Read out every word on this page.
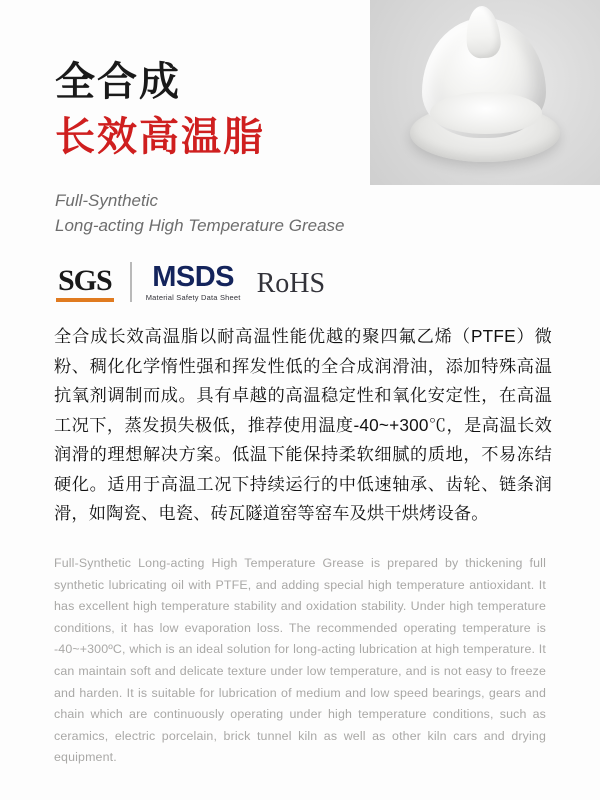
全合成
长效高温脂
Full-Synthetic
Long-acting High Temperature Grease
SGS MSDS
Material Safety Data Sheet RoHS
全合成长效高温脂以耐高温性能优越的聚四氟乙烯（PTFE）微粉、稠化化学惰性强和挥发性低的全合成润滑油，添加特殊高温抗氧剂调制而成。具有卓越的高温稳定性和氧化安定性，在高温工况下，蒸发损失极低，推荐使用温度-40~+300℃，是高温长效润滑的理想解决方案。低温下能保持柔软细腻的质地，不易冻结硬化。适用于高温工况下持续运行的中低速轴承、齿轮、链条润滑，如陶瓷、电瓷、砖瓦隧道窑等窑车及烘干烘烤设备。
Full-Synthetic Long-acting High Temperature Grease is prepared by thickening full synthetic lubricating oil with PTFE, and adding special high temperature antioxidant. It has excellent high temperature stability and oxidation stability. Under high temperature conditions, it has low evaporation loss. The recommended operating temperature is -40~+300ºC, which is an ideal solution for long-acting lubrication at high temperature. It can maintain soft and delicate texture under low temperature, and is not easy to freeze and harden. It is suitable for lubrication of medium and low speed bearings, gears and chain which are continuously operating under high temperature conditions, such as ceramics, electric porcelain, brick tunnel kiln as well as other kiln cars and drying equipment.
